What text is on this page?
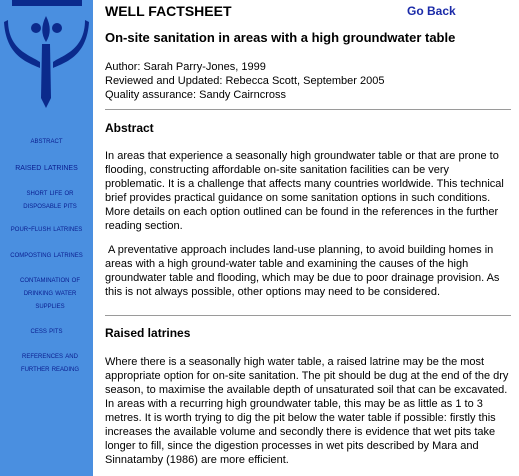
abstract
raised latrines
short life or disposable pits
pour-flush latrines
composting latrines
contamination of drinking water supplies
cess pits
references and further reading
WELL FACTSHEET	Go Back
On-site sanitation in areas with a high groundwater table
Author: Sarah Parry-Jones, 1999
Reviewed and Updated: Rebecca Scott, September 2005
Quality assurance: Sandy Cairncross
Abstract

In areas that experience a seasonally high groundwater table or that are prone to flooding, constructing affordable on-site sanitation facilities can be very problematic. It is a challenge that affects many countries worldwide. This technical brief provides practical guidance on some sanitation options in such conditions. More details on each option outlined can be found in the references in the further reading section.

A preventative approach includes land-use planning, to avoid building homes in areas with a high ground-water table and examining the causes of the high groundwater table and flooding, which may be due to poor drainage provision. As this is not always possible, other options may need to be considered.

Raised latrines

Where there is a seasonally high water table, a raised latrine may be the most appropriate option for on-site sanitation. The pit should be dug at the end of the dry season, to maximise the available depth of unsaturated soil that can be excavated. In areas with a recurring high groundwater table, this may be as little as 1 to 3 metres. It is worth trying to dig the pit below the water table if possible: firstly this increases the available volume and secondly there is evidence that wet pits take longer to fill, since the digestion processes in wet pits described by Mara and Sinnatamby (1986) are more efficient.
